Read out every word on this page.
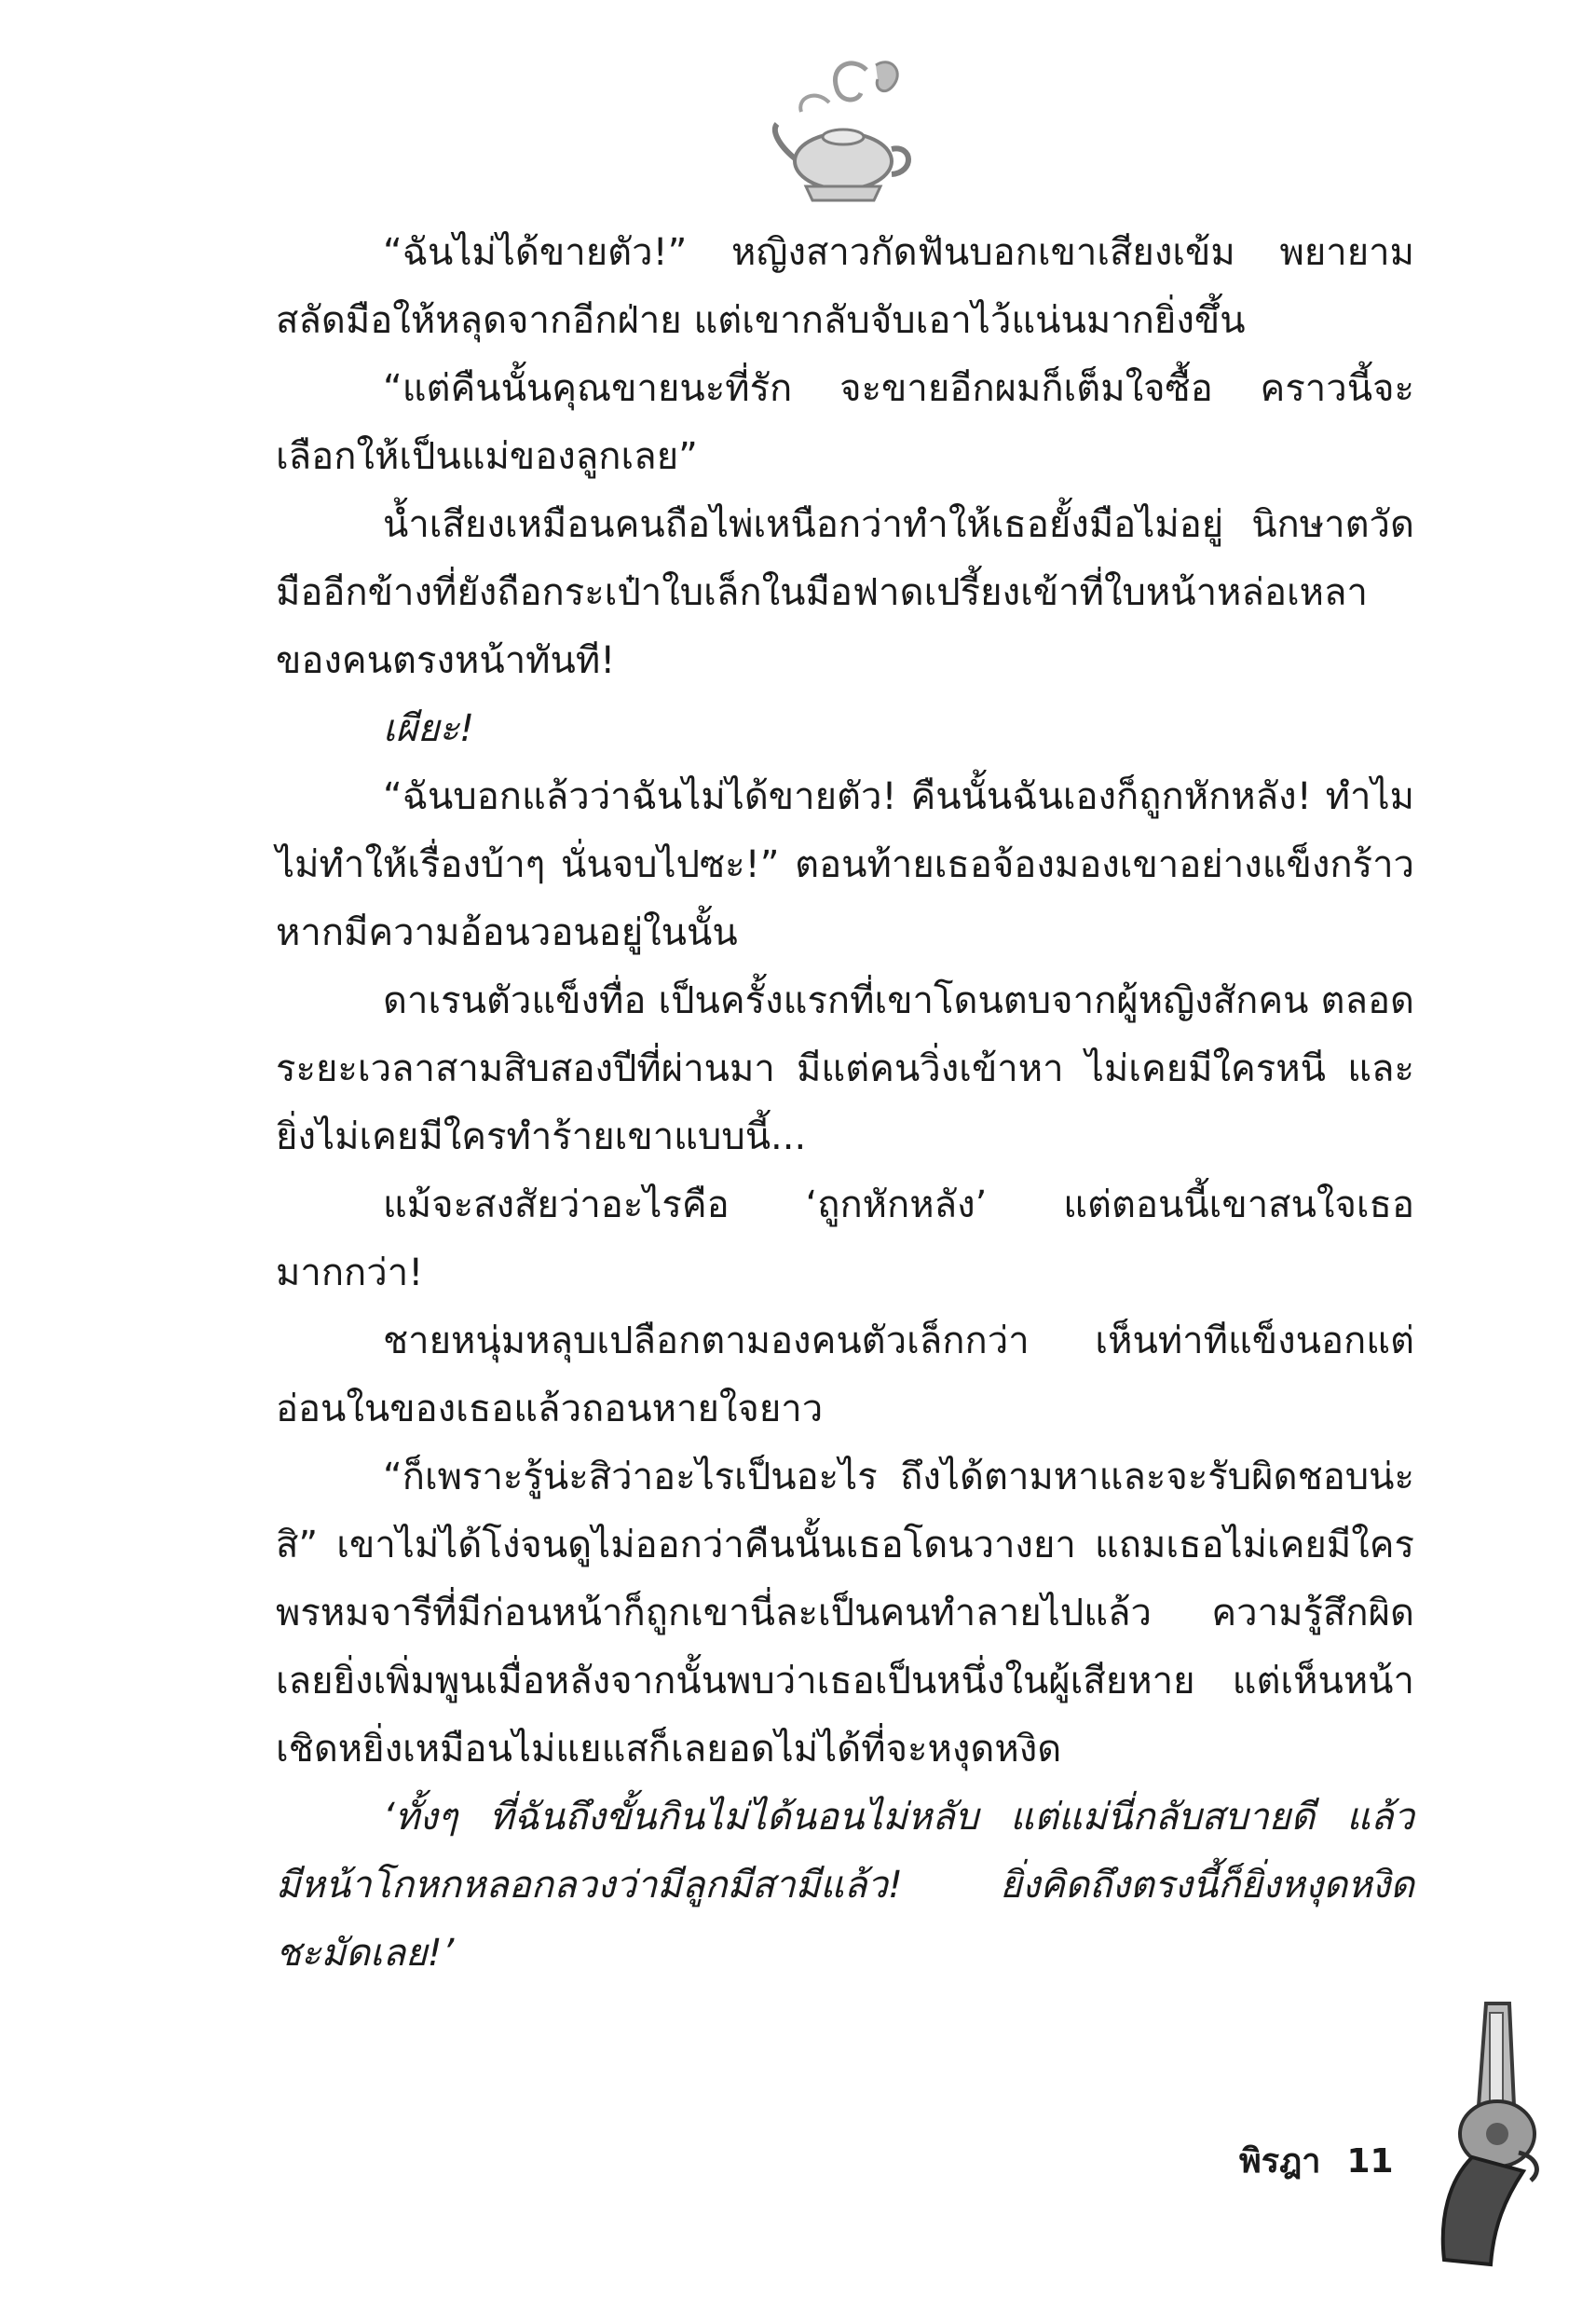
“ฉันไม่ได้ขายตัว!” หญิงสาวกัดฟันบอกเขาเสียงเข้ม พยายามสลัดมือให้หลุดจากอีกฝ่าย แต่เขากลับจับเอาไว้แน่นมากยิ่งขึ้น

“แต่คืนนั้นคุณขายนะที่รัก จะขายอีกผมก็เต็มใจซื้อ คราวนี้จะเลือกให้เป็นแม่ของลูกเลย”

น้ำเสียงเหมือนคนถือไพ่เหนือกว่าทำให้เธอยั้งมือไม่อยู่ นิกษาตวัดมืออีกข้างที่ยังถือกระเป๋าใบเล็กในมือฟาดเปรี้ยงเข้าที่ใบหน้าหล่อเหลาของคนตรงหน้าทันที!

เผียะ!

“ฉันบอกแล้วว่าฉันไม่ได้ขายตัว! คืนนั้นฉันเองก็ถูกหักหลัง! ทำไมไม่ทำให้เรื่องบ้าๆ นั่นจบไปซะ!” ตอนท้ายเธอจ้องมองเขาอย่างแข็งกร้าว หากมีความอ้อนวอนอยู่ในนั้น

ดาเรนตัวแข็งทื่อ เป็นครั้งแรกที่เขาโดนตบจากผู้หญิงสักคน ตลอดระยะเวลาสามสิบสองปีที่ผ่านมา มีแต่คนวิ่งเข้าหา ไม่เคยมีใครหนี และยิ่งไม่เคยมีใครทำร้ายเขาแบบนี้...

แม้จะสงสัยว่าอะไรคือ ‘ถูกหักหลัง’ แต่ตอนนี้เขาสนใจเธอมากกว่า!

ชายหนุ่มหลุบเปลือกตามองคนตัวเล็กกว่า เห็นท่าทีแข็งนอกแต่อ่อนในของเธอแล้วถอนหายใจยาว

“ก็เพราะรู้น่ะสิว่าอะไรเป็นอะไร ถึงได้ตามหาและจะรับผิดชอบน่ะสิ” เขาไม่ได้โง่จนดูไม่ออกว่าคืนนั้นเธอโดนวางยา แถมเธอไม่เคยมีใคร พรหมจารีที่มีก่อนหน้าก็ถูกเขานี่ละเป็นคนทำลายไปแล้ว ความรู้สึกผิดเลยยิ่งเพิ่มพูนเมื่อหลังจากนั้นพบว่าเธอเป็นหนึ่งในผู้เสียหาย แต่เห็นหน้าเชิดหยิ่งเหมือนไม่แยแสก็เลยอดไม่ได้ที่จะหงุดหงิด

‘ทั้งๆ ที่ฉันถึงขั้นกินไม่ได้นอนไม่หลับ แต่แม่นี่กลับสบายดี แล้วมีหน้าโกหกหลอกลวงว่ามีลูกมีสามีแล้ว! ยิ่งคิดถึงตรงนี้ก็ยิ่งหงุดหงิดชะมัดเลย!’

พิรฎา 11
